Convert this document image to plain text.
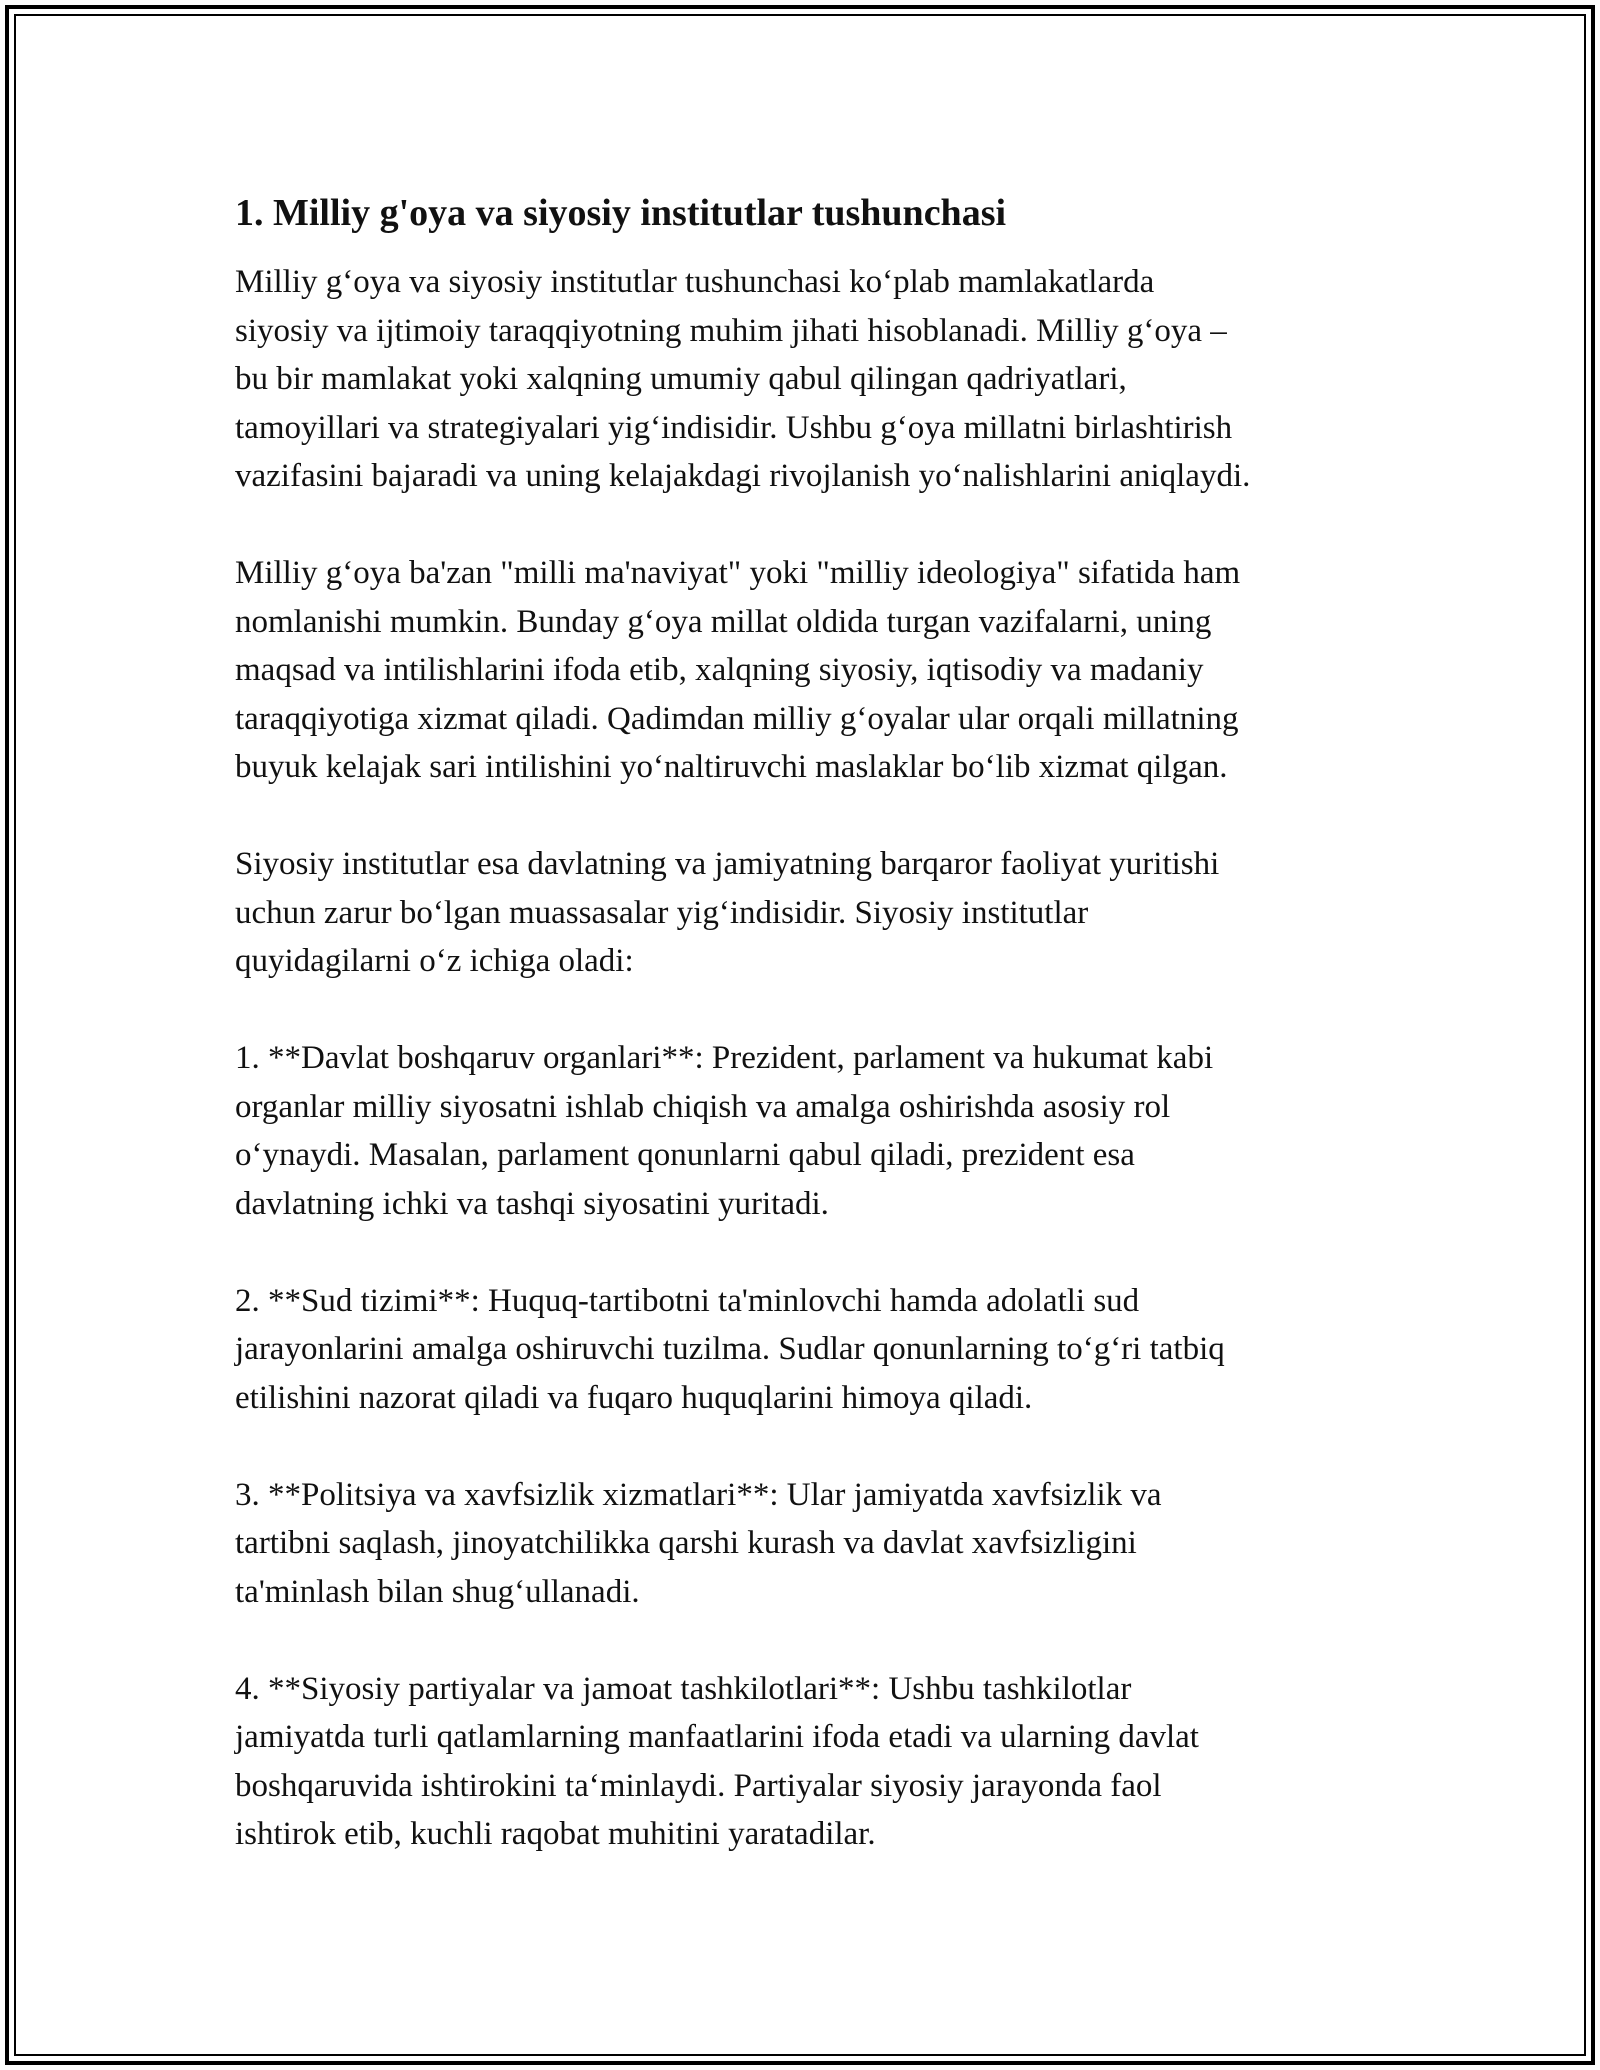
1. Milliy g'oya va siyosiy institutlar tushunchasi
Milliy g‘oya va siyosiy institutlar tushunchasi ko‘plab mamlakatlarda
siyosiy va ijtimoiy taraqqiyotning muhim jihati hisoblanadi. Milliy g‘oya –
bu bir mamlakat yoki xalqning umumiy qabul qilingan qadriyatlari,
tamoyillari va strategiyalari yig‘indisidir. Ushbu g‘oya millatni birlashtirish
vazifasini bajaradi va uning kelajakdagi rivojlanish yo‘nalishlarini aniqlaydi.
Milliy g‘oya ba'zan "milli ma'naviyat" yoki "milliy ideologiya" sifatida ham
nomlanishi mumkin. Bunday g‘oya millat oldida turgan vazifalarni, uning
maqsad va intilishlarini ifoda etib, xalqning siyosiy, iqtisodiy va madaniy
taraqqiyotiga xizmat qiladi. Qadimdan milliy g‘oyalar ular orqali millatning
buyuk kelajak sari intilishini yo‘naltiruvchi maslaklar bo‘lib xizmat qilgan.
Siyosiy institutlar esa davlatning va jamiyatning barqaror faoliyat yuritishi
uchun zarur bo‘lgan muassasalar yig‘indisidir. Siyosiy institutlar
quyidagilarni o‘z ichiga oladi:
1. **Davlat boshqaruv organlari**: Prezident, parlament va hukumat kabi
organlar milliy siyosatni ishlab chiqish va amalga oshirishda asosiy rol
o‘ynaydi. Masalan, parlament qonunlarni qabul qiladi, prezident esa
davlatning ichki va tashqi siyosatini yuritadi.
2. **Sud tizimi**: Huquq-tartibotni ta'minlovchi hamda adolatli sud
jarayonlarini amalga oshiruvchi tuzilma. Sudlar qonunlarning to‘g‘ri tatbiq
etilishini nazorat qiladi va fuqaro huquqlarini himoya qiladi.
3. **Politsiya va xavfsizlik xizmatlari**: Ular jamiyatda xavfsizlik va
tartibni saqlash, jinoyatchilikka qarshi kurash va davlat xavfsizligini
ta'minlash bilan shug‘ullanadi.
4. **Siyosiy partiyalar va jamoat tashkilotlari**: Ushbu tashkilotlar
jamiyatda turli qatlamlarning manfaatlarini ifoda etadi va ularning davlat
boshqaruvida ishtirokini ta‘minlaydi. Partiyalar siyosiy jarayonda faol
ishtirok etib, kuchli raqobat muhitini yaratadilar.
